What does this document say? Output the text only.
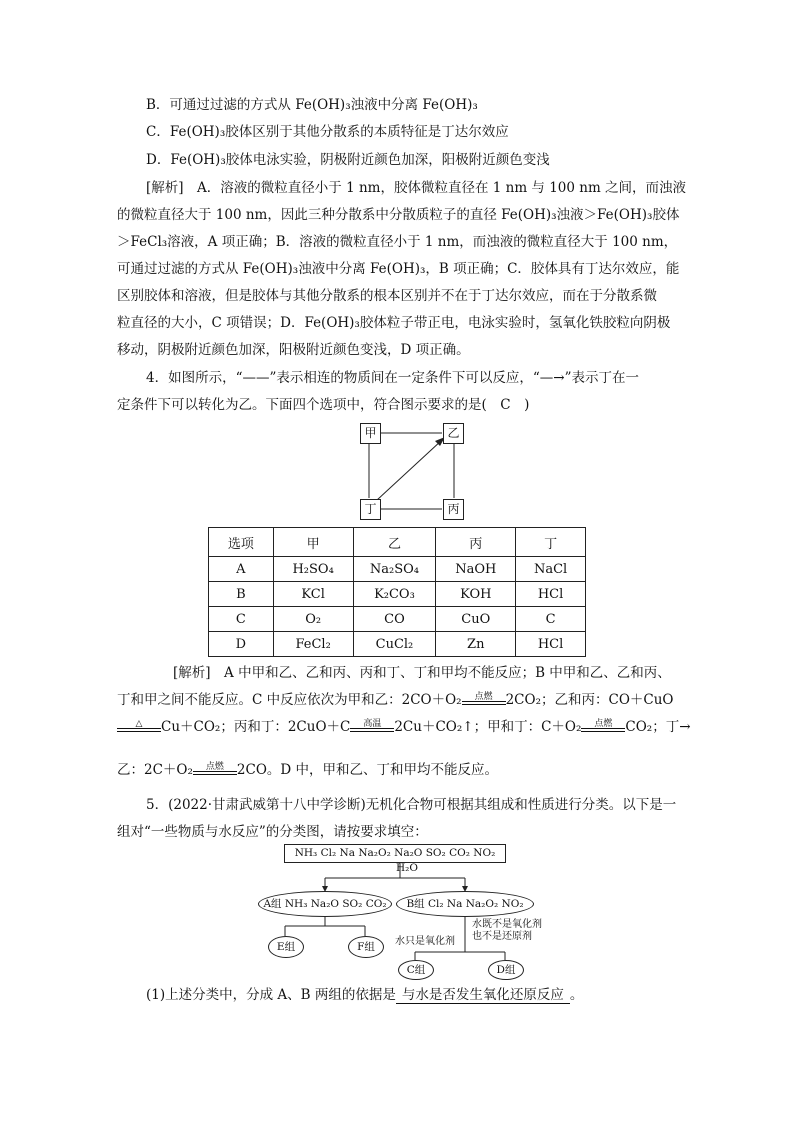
B．可通过过滤的方式从 Fe(OH)₃浊液中分离 Fe(OH)₃
C．Fe(OH)₃胶体区别于其他分散系的本质特征是丁达尔效应
D．Fe(OH)₃胶体电泳实验，阴极附近颜色加深，阳极附近颜色变浅
[解析]　A．溶液的微粒直径小于 1 nm，胶体微粒直径在 1 nm 与 100 nm 之间，而浊液
的微粒直径大于 100 nm，因此三种分散系中分散质粒子的直径 Fe(OH)₃浊液＞Fe(OH)₃胶体
＞FeCl₃溶液，A 项正确；B．溶液的微粒直径小于 1 nm，而浊液的微粒直径大于 100 nm，
可通过过滤的方式从 Fe(OH)₃浊液中分离 Fe(OH)₃，B 项正确；C．胶体具有丁达尔效应，能
区别胶体和溶液，但是胶体与其他分散系的根本区别并不在于丁达尔效应，而在于分散系微
粒直径的大小，C 项错误；D．Fe(OH)₃胶体粒子带正电，电泳实验时，氢氧化铁胶粒向阴极
移动，阴极附近颜色加深，阳极附近颜色变浅，D 项正确。
4．如图所示，“——”表示相连的物质间在一定条件下可以反应，“—→”表示丁在一
定条件下可以转化为乙。下面四个选项中，符合图示要求的是(　C　)
甲	乙
丁	丙
选项	甲	乙	丙	丁
A	H₂SO₄	Na₂SO₄	NaOH	NaCl
B	KCl	K₂CO₃	KOH	HCl
C	O₂	CO	CuO	C
D	FeCl₂	CuCl₂	Zn	HCl
[解析]　A 中甲和乙、乙和丙、丙和丁、丁和甲均不能反应；B 中甲和乙、乙和丙、
丁和甲之间不能反应。C 中反应依次为甲和乙：2CO＋O₂	点燃 2CO₂；乙和丙：CO＋CuO
△	Cu＋CO₂；丙和丁：2CuO＋C	高温 2Cu＋CO₂↑；甲和丁：C＋O₂	点燃 CO₂；丁→
乙：2C＋O₂	点燃 2CO。D 中，甲和乙、丁和甲均不能反应。
5．(2022·甘肃武威第十八中学诊断)无机化合物可根据其组成和性质进行分类。以下是一
组对“一些物质与水反应”的分类图，请按要求填空：
NH₃ Cl₂ Na Na₂O₂ Na₂O SO₂ CO₂ NO₂
H₂O
A组 NH₃ Na₂O SO₂ CO₂	B组 Cl₂ Na Na₂O₂ NO₂
水只是氧化剂
水既不是氧化剂
也不是还原剂
E组	F组
C组	D组
(1)上述分类中，分成 A、B 两组的依据是 与水是否发生氧化还原反应 。
